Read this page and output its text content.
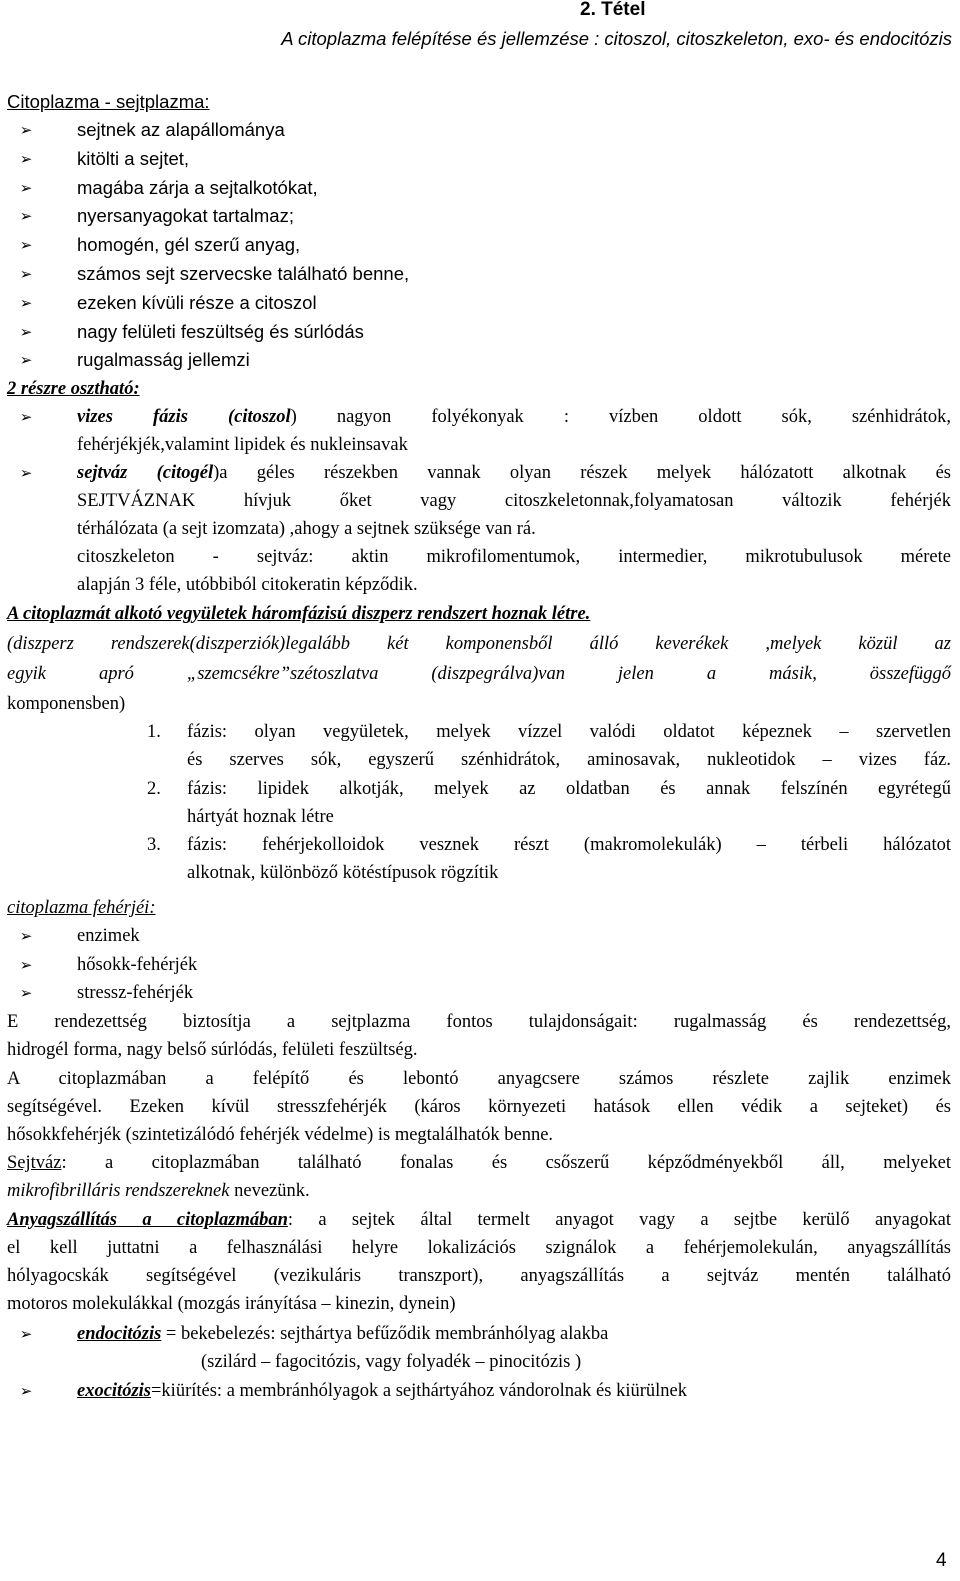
2. Tétel
A citoplazma felépítése és jellemzése : citoszol, citoszkeleton, exo- és endocitózis
Citoplazma - sejtplazma:
➢ sejtnek az alapállománya
➢ kitölti a sejtet,
➢ magába zárja a sejtalkotókat,
➢ nyersanyagokat tartalmaz;
➢ homogén, gél szerű anyag,
➢ számos sejt szervecske található benne,
➢ ezeken kívüli része a citoszol
➢ nagy felületi feszültség és súrlódás
➢ rugalmasság jellemzi
2 részre osztható:
➢ vizes fázis (citoszol) nagyon folyékonyak : vízben oldott sók, szénhidrátok,
fehérjékjék,valamint lipidek és nukleinsavak
➢ sejtváz (citogél)a géles részekben vannak olyan részek melyek hálózatott alkotnak és
SEJTVÁZNAK hívjuk őket vagy citoszkeletonnak,folyamatosan változik fehérjék
térhálózata (a sejt izomzata) ,ahogy a sejtnek szüksége van rá.
citoszkeleton - sejtváz: aktin mikrofilomentumok, intermedier, mikrotubulusok mérete
alapján 3 féle, utóbbiból citokeratin képződik.
A citoplazmát alkotó vegyületek háromfázisú diszperz rendszert hoznak létre.
(diszperz rendszerek(diszperziók)legalább két komponensből álló keverékek ,melyek közül az
egyik apró „szemcsékre”szétoszlatva (diszpegrálva)van jelen a másik, összefüggő
komponensben)
1. fázis: olyan vegyületek, melyek vízzel valódi oldatot képeznek – szervetlen
és szerves sók, egyszerű szénhidrátok, aminosavak, nukleotidok – vizes fáz.
2. fázis: lipidek alkotják, melyek az oldatban és annak felszínén egyrétegű
hártyát hoznak létre
3. fázis: fehérjekolloidok vesznek részt (makromolekulák) – térbeli hálózatot
alkotnak, különböző kötéstípusok rögzítik
citoplazma fehérjéi:
➢ enzimek
➢ hősokk-fehérjék
➢ stressz-fehérjék
E rendezettség biztosítja a sejtplazma fontos tulajdonságait: rugalmasság és rendezettség,
hidrogél forma, nagy belső súrlódás, felületi feszültség.
A citoplazmában a felépítő és lebontó anyagcsere számos részlete zajlik enzimek
segítségével. Ezeken kívül stresszfehérjék (káros környezeti hatások ellen védik a sejteket) és
hősokkfehérjék (szintetizálódó fehérjék védelme) is megtalálhatók benne.
Sejtváz: a citoplazmában található fonalas és csőszerű képződményekből áll, melyeket
mikrofibrilláris rendszereknek nevezünk.
Anyagszállítás a citoplazmában: a sejtek által termelt anyagot vagy a sejtbe kerülő anyagokat
el kell juttatni a felhasználási helyre lokalizációs szignálok a fehérjemolekulán, anyagszállítás
hólyagocskák segítségével (vezikuláris transzport), anyagszállítás a sejtváz mentén található
motoros molekulákkal (mozgás irányítása – kinezin, dynein)
➢ endocitózis = bekebelezés: sejthártya befűződik membránhólyag alakba
(szilárd – fagocitózis, vagy folyadék – pinocitózis )
➢ exocitózis=kiürítés: a membránhólyagok a sejthártyához vándorolnak és kiürülnek
4
